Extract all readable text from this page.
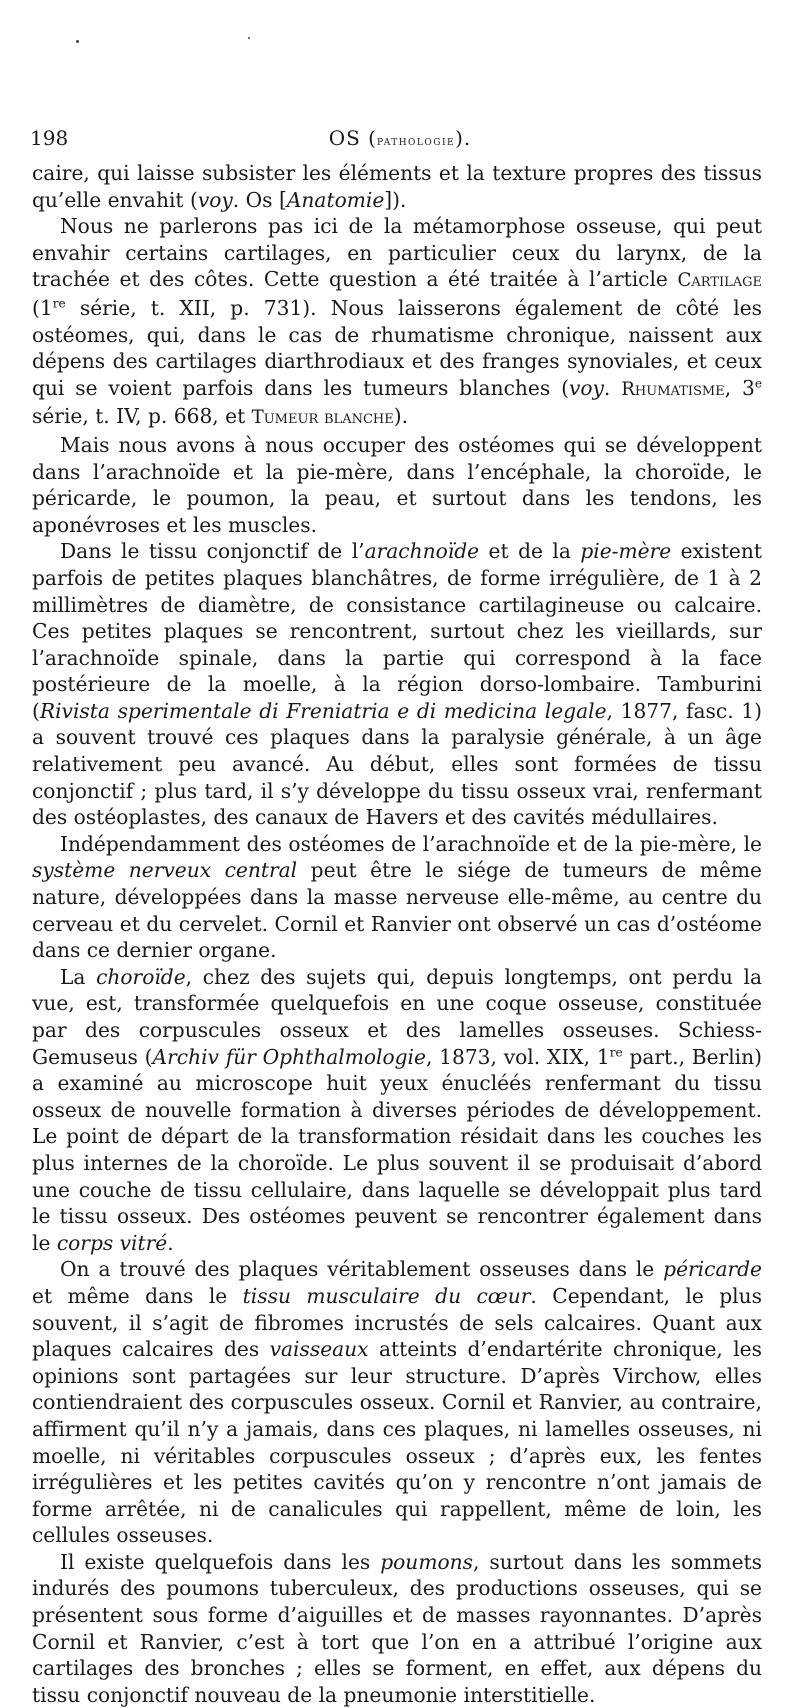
198	OS (pathologie).

caire, qui laisse subsister les éléments et la texture propres des tissus qu’elle envahit (voy. Os [Anatomie]).

Nous ne parlerons pas ici de la métamorphose osseuse, qui peut envahir certains cartilages, en particulier ceux du larynx, de la trachée et des côtes. Cette question a été traitée à l’article Cartilage (1re série, t. XII, p. 731). Nous laisserons également de côté les ostéomes, qui, dans le cas de rhumatisme chronique, naissent aux dépens des cartilages diarthrodiaux et des franges synoviales, et ceux qui se voient parfois dans les tumeurs blanches (voy. Rhumatisme, 3e série, t. IV, p. 668, et Tumeur blanche).

Mais nous avons à nous occuper des ostéomes qui se développent dans l’arachnoïde et la pie-mère, dans l’encéphale, la choroïde, le péricarde, le poumon, la peau, et surtout dans les tendons, les aponévroses et les muscles.

Dans le tissu conjonctif de l’arachnoïde et de la pie-mère existent parfois de petites plaques blanchâtres, de forme irrégulière, de 1 à 2 millimètres de diamètre, de consistance cartilagineuse ou calcaire. Ces petites plaques se rencontrent, surtout chez les vieillards, sur l’arachnoïde spinale, dans la partie qui correspond à la face postérieure de la moelle, à la région dorso-lombaire. Tamburini (Rivista sperimentale di Freniatria e di medicina legale, 1877, fasc. 1) a souvent trouvé ces plaques dans la paralysie générale, à un âge relativement peu avancé. Au début, elles sont formées de tissu conjonctif ; plus tard, il s’y développe du tissu osseux vrai, renfermant des ostéoplastes, des canaux de Havers et des cavités médullaires.

Indépendamment des ostéomes de l’arachnoïde et de la pie-mère, le système nerveux central peut être le siége de tumeurs de même nature, développées dans la masse nerveuse elle-même, au centre du cerveau et du cervelet. Cornil et Ranvier ont observé un cas d’ostéome dans ce dernier organe.

La choroïde, chez des sujets qui, depuis longtemps, ont perdu la vue, est, transformée quelquefois en une coque osseuse, constituée par des corpuscules osseux et des lamelles osseuses. Schiess-Gemuseus (Archiv für Ophthalmologie, 1873, vol. XIX, 1re part., Berlin) a examiné au microscope huit yeux énucléés renfermant du tissu osseux de nouvelle formation à diverses périodes de développement. Le point de départ de la transformation résidait dans les couches les plus internes de la choroïde. Le plus souvent il se produisait d’abord une couche de tissu cellulaire, dans laquelle se développait plus tard le tissu osseux. Des ostéomes peuvent se rencontrer également dans le corps vitré.

On a trouvé des plaques véritablement osseuses dans le péricarde et même dans le tissu musculaire du cœur. Cependant, le plus souvent, il s’agit de fibromes incrustés de sels calcaires. Quant aux plaques calcaires des vaisseaux atteints d’endartérite chronique, les opinions sont partagées sur leur structure. D’après Virchow, elles contiendraient des corpuscules osseux. Cornil et Ranvier, au contraire, affirment qu’il n’y a jamais, dans ces plaques, ni lamelles osseuses, ni moelle, ni véritables corpuscules osseux ; d’après eux, les fentes irrégulières et les petites cavités qu’on y rencontre n’ont jamais de forme arrêtée, ni de canalicules qui rappellent, même de loin, les cellules osseuses.

Il existe quelquefois dans les poumons, surtout dans les sommets indurés des poumons tuberculeux, des productions osseuses, qui se présentent sous forme d’aiguilles et de masses rayonnantes. D’après Cornil et Ranvier, c’est à tort que l’on en a attribué l’origine aux cartilages des bronches ; elles se forment, en effet, aux dépens du tissu conjonctif nouveau de la pneumonie interstitielle.
